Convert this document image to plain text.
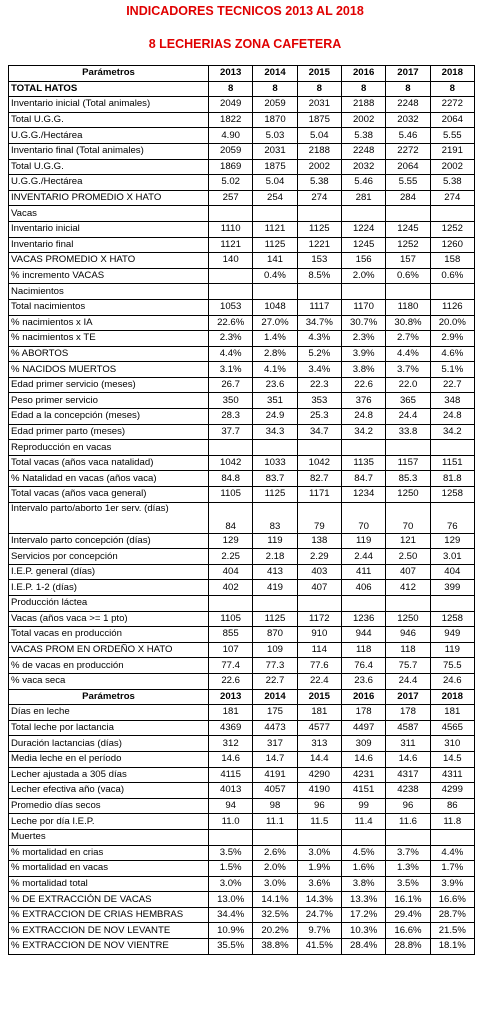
INDICADORES TECNICOS 2013 AL 2018
8 LECHERIAS ZONA CAFETERA
Parámetros	2013	2014	2015	2016	2017	2018
TOTAL HATOS	8	8	8	8	8	8
Inventario inicial (Total animales)	2049	2059	2031	2188	2248	2272
Total U.G.G.	1822	1870	1875	2002	2032	2064
U.G.G./Hectárea	4.90	5.03	5.04	5.38	5.46	5.55
Inventario final (Total animales)	2059	2031	2188	2248	2272	2191
Total U.G.G.	1869	1875	2002	2032	2064	2002
U.G.G./Hectárea	5.02	5.04	5.38	5.46	5.55	5.38
INVENTARIO PROMEDIO X HATO	257	254	274	281	284	274
Vacas						
Inventario inicial	1110	1121	1125	1224	1245	1252
Inventario final	1121	1125	1221	1245	1252	1260
VACAS PROMEDIO X HATO	140	141	153	156	157	158
% incremento VACAS		0.4%	8.5%	2.0%	0.6%	0.6%
Nacimientos						
Total nacimientos	1053	1048	1117	1170	1180	1126
% nacimientos x IA	22.6%	27.0%	34.7%	30.7%	30.8%	20.0%
% nacimientos x TE	2.3%	1.4%	4.3%	2.3%	2.7%	2.9%
% ABORTOS	4.4%	2.8%	5.2%	3.9%	4.4%	4.6%
% NACIDOS MUERTOS	3.1%	4.1%	3.4%	3.8%	3.7%	5.1%
Edad primer servicio (meses)	26.7	23.6	22.3	22.6	22.0	22.7
Peso primer servicio	350	351	353	376	365	348
Edad a la concepción (meses)	28.3	24.9	25.3	24.8	24.4	24.8
Edad primer parto (meses)	37.7	34.3	34.7	34.2	33.8	34.2
Reproducción en vacas						
Total vacas (años vaca natalidad)	1042	1033	1042	1135	1157	1151
% Natalidad en vacas (años vaca)	84.8	83.7	82.7	84.7	85.3	81.8
Total vacas (años vaca general)	1105	1125	1171	1234	1250	1258
Intervalo parto/aborto 1er serv. (días)	84	83	79	70	70	76
Intervalo parto concepción (días)	129	119	138	119	121	129
Servicios por concepción	2.25	2.18	2.29	2.44	2.50	3.01
I.E.P. general (días)	404	413	403	411	407	404
I.E.P. 1-2 (días)	402	419	407	406	412	399
Producción láctea						
Vacas (años vaca >= 1 pto)	1105	1125	1172	1236	1250	1258
Total vacas en producción	855	870	910	944	946	949
VACAS PROM EN ORDEÑO X HATO	107	109	114	118	118	119
% de vacas en producción	77.4	77.3	77.6	76.4	75.7	75.5
% vaca seca	22.6	22.7	22.4	23.6	24.4	24.6
Parámetros	2013	2014	2015	2016	2017	2018
Días en leche	181	175	181	178	178	181
Total leche por lactancia	4369	4473	4577	4497	4587	4565
Duración lactancias (días)	312	317	313	309	311	310
Media leche en el período	14.6	14.7	14.4	14.6	14.6	14.5
Lecher ajustada a 305 días	4115	4191	4290	4231	4317	4311
Lecher efectiva año (vaca)	4013	4057	4190	4151	4238	4299
Promedio días secos	94	98	96	99	96	86
Leche por día I.E.P.	11.0	11.1	11.5	11.4	11.6	11.8
Muertes						
% mortalidad en crias	3.5%	2.6%	3.0%	4.5%	3.7%	4.4%
% mortalidad en vacas	1.5%	2.0%	1.9%	1.6%	1.3%	1.7%
% mortalidad total	3.0%	3.0%	3.6%	3.8%	3.5%	3.9%
% DE EXTRACCIÓN DE VACAS	13.0%	14.1%	14.3%	13.3%	16.1%	16.6%
% EXTRACCION DE CRIAS HEMBRAS	34.4%	32.5%	24.7%	17.2%	29.4%	28.7%
% EXTRACCION DE NOV LEVANTE	10.9%	20.2%	9.7%	10.3%	16.6%	21.5%
% EXTRACCION DE NOV VIENTRE	35.5%	38.8%	41.5%	28.4%	28.8%	18.1%
